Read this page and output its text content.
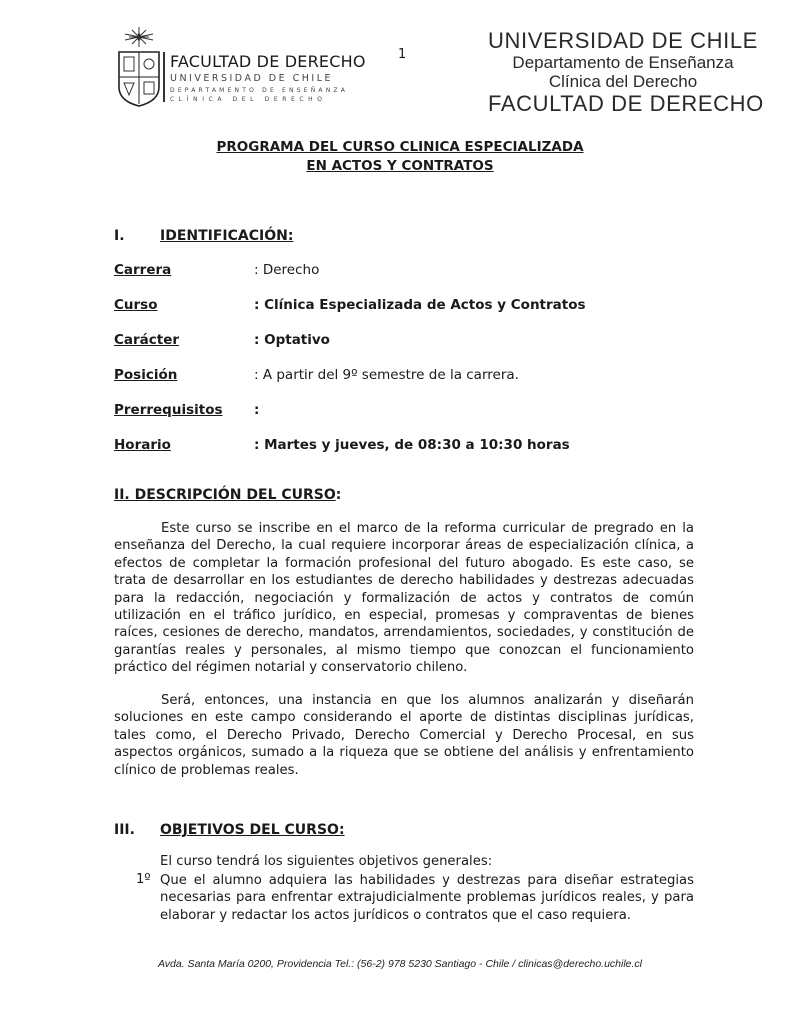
FACULTAD DE DERECHO
UNIVERSIDAD DE CHILE
DEPARTAMENTO DE ENSEÑANZA
CLÍNICA DEL DERECHO
1
UNIVERSIDAD DE CHILE
Departamento de Enseñanza
Clínica del Derecho
FACULTAD DE DERECHO
PROGRAMA DEL CURSO CLINICA ESPECIALIZADA
EN ACTOS Y CONTRATOS
I.	IDENTIFICACIÓN:
Carrera	: Derecho
Curso	: Clínica Especializada de Actos y Contratos
Carácter	: Optativo
Posición	: A partir del 9º semestre de la carrera.
Prerrequisitos :
Horario	: Martes y jueves, de 08:30 a 10:30 horas
II. DESCRIPCIÓN DEL CURSO:
Este curso se inscribe en el marco de la reforma curricular de pregrado en la enseñanza del Derecho, la cual requiere incorporar áreas de especialización clínica, a efectos de completar la formación profesional del futuro abogado. Es este caso, se trata de desarrollar en los estudiantes de derecho habilidades y destrezas adecuadas para la redacción, negociación y formalización de actos y contratos de común utilización en el tráfico jurídico, en especial, promesas y compraventas de bienes raíces, cesiones de derecho, mandatos, arrendamientos, sociedades, y constitución de garantías reales y personales, al mismo tiempo que conozcan el funcionamiento práctico del régimen notarial y conservatorio chileno.
Será, entonces, una instancia en que los alumnos analizarán y diseñarán soluciones en este campo considerando el aporte de distintas disciplinas jurídicas, tales como, el Derecho Privado, Derecho Comercial y Derecho Procesal, en sus aspectos orgánicos, sumado a la riqueza que se obtiene del análisis y enfrentamiento clínico de problemas reales.
III. OBJETIVOS DEL CURSO:
El curso tendrá los siguientes objetivos generales:
1º Que el alumno adquiera las habilidades y destrezas para diseñar estrategias necesarias para enfrentar extrajudicialmente problemas jurídicos reales, y para elaborar y redactar los actos jurídicos o contratos que el caso requiera.
Avda. Santa María 0200, Providencia Tel.: (56-2) 978 5230 Santiago - Chile / clinicas@derecho.uchile.cl
